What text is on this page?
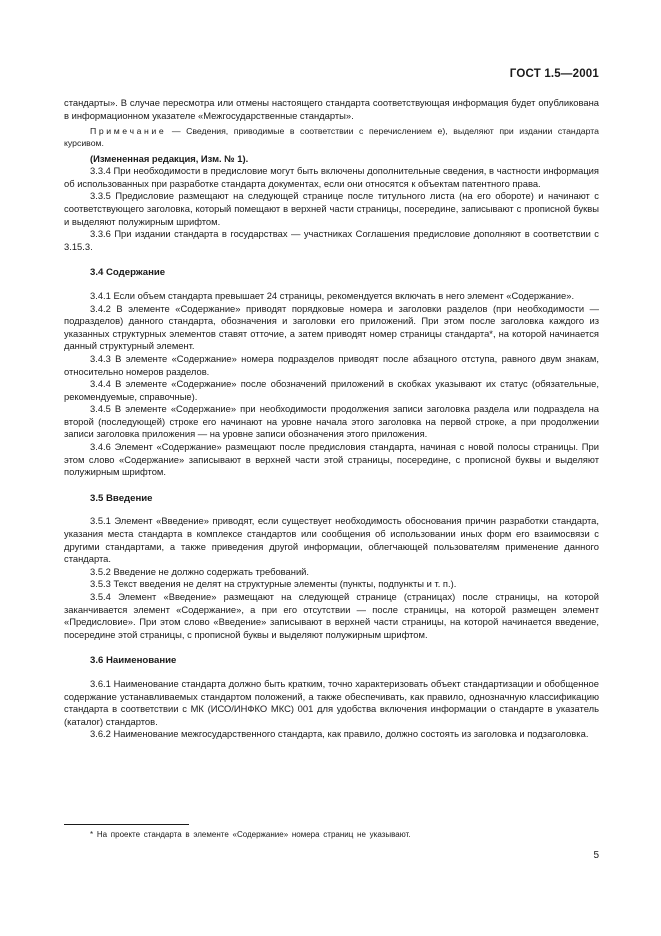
ГОСТ 1.5—2001

стандарты». В случае пересмотра или отмены настоящего стандарта соответствующая информация будет опубликована в информационном указателе «Межгосударственные стандарты».

Примечание — Сведения, приводимые в соответствии с перечислением е), выделяют при издании стандарта курсивом.

(Измененная редакция, Изм. № 1).

3.3.4 При необходимости в предисловие могут быть включены дополнительные сведения, в частности информация об использованных при разработке стандарта документах, если они относятся к объектам патентного права.

3.3.5 Предисловие размещают на следующей странице после титульного листа (на его обороте) и начинают с соответствующего заголовка, который помещают в верхней части страницы, посередине, записывают с прописной буквы и выделяют полужирным шрифтом.

3.3.6 При издании стандарта в государствах — участниках Соглашения предисловие дополняют в соответствии с 3.15.3.

3.4 Содержание

3.4.1 Если объем стандарта превышает 24 страницы, рекомендуется включать в него элемент «Содержание».

3.4.2 В элементе «Содержание» приводят порядковые номера и заголовки разделов (при необходимости — подразделов) данного стандарта, обозначения и заголовки его приложений. При этом после заголовка каждого из указанных структурных элементов ставят отточие, а затем приводят номер страницы стандарта*, на которой начинается данный структурный элемент.

3.4.3 В элементе «Содержание» номера подразделов приводят после абзацного отступа, равного двум знакам, относительно номеров разделов.

3.4.4 В элементе «Содержание» после обозначений приложений в скобках указывают их статус (обязательные, рекомендуемые, справочные).

3.4.5 В элементе «Содержание» при необходимости продолжения записи заголовка раздела или подраздела на второй (последующей) строке его начинают на уровне начала этого заголовка на первой строке, а при продолжении записи заголовка приложения — на уровне записи обозначения этого приложения.

3.4.6 Элемент «Содержание» размещают после предисловия стандарта, начиная с новой полосы страницы. При этом слово «Содержание» записывают в верхней части этой страницы, посередине, с прописной буквы и выделяют полужирным шрифтом.

3.5 Введение

3.5.1 Элемент «Введение» приводят, если существует необходимость обоснования причин разработки стандарта, указания места стандарта в комплексе стандартов или сообщения об использовании иных форм его взаимосвязи с другими стандартами, а также приведения другой информации, облегчающей пользователям применение данного стандарта.

3.5.2 Введение не должно содержать требований.

3.5.3 Текст введения не делят на структурные элементы (пункты, подпункты и т. п.).

3.5.4 Элемент «Введение» размещают на следующей странице (страницах) после страницы, на которой заканчивается элемент «Содержание», а при его отсутствии — после страницы, на которой размещен элемент «Предисловие». При этом слово «Введение» записывают в верхней части страницы, на которой начинается введение, посередине этой страницы, с прописной буквы и выделяют полужирным шрифтом.

3.6 Наименование

3.6.1 Наименование стандарта должно быть кратким, точно характеризовать объект стандартизации и обобщенное содержание устанавливаемых стандартом положений, а также обеспечивать, как правило, однозначную классификацию стандарта в соответствии с МК (ИСО/ИНФКО МКС) 001 для удобства включения информации о стандарте в указатель (каталог) стандартов.

3.6.2 Наименование межгосударственного стандарта, как правило, должно состоять из заголовка и подзаголовка.

* На проекте стандарта в элементе «Содержание» номера страниц не указывают.
5
